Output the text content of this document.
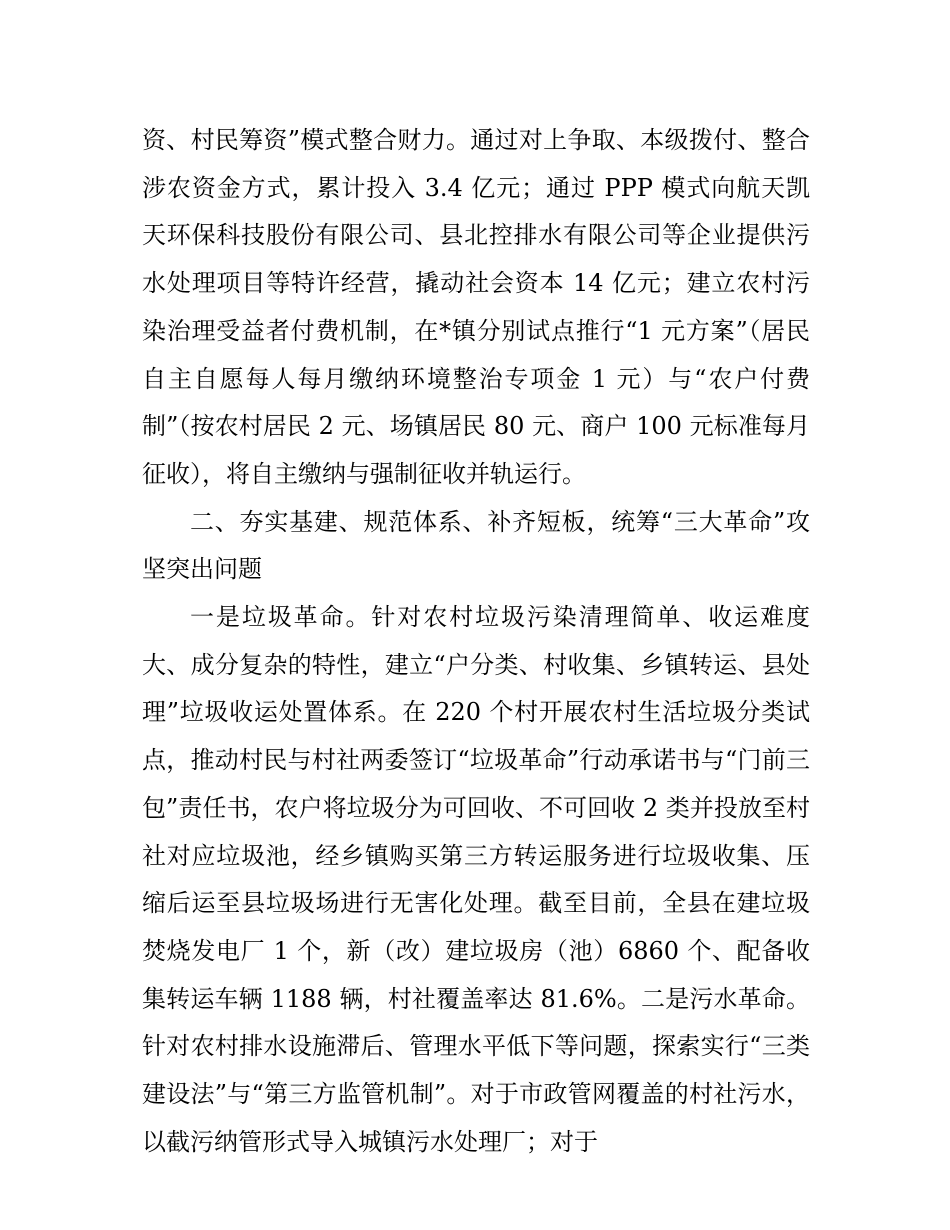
资、村民筹资”模式整合财力。通过对上争取、本级拨付、整合涉农资金方式，累计投入 3.4 亿元；通过 PPP 模式向航天凯天环保科技股份有限公司、县北控排水有限公司等企业提供污水处理项目等特许经营，撬动社会资本 14 亿元；建立农村污染治理受益者付费机制，在*镇分别试点推行“1 元方案”（居民自主自愿每人每月缴纳环境整治专项金 1 元）与“农户付费制”（按农村居民 2 元、场镇居民 80 元、商户 100 元标准每月征收），将自主缴纳与强制征收并轨运行。

二、夯实基建、规范体系、补齐短板，统筹“三大革命”攻坚突出问题

一是垃圾革命。针对农村垃圾污染清理简单、收运难度大、成分复杂的特性，建立“户分类、村收集、乡镇转运、县处理”垃圾收运处置体系。在 220 个村开展农村生活垃圾分类试点，推动村民与村社两委签订“垃圾革命”行动承诺书与“门前三包”责任书，农户将垃圾分为可回收、不可回收 2 类并投放至村社对应垃圾池，经乡镇购买第三方转运服务进行垃圾收集、压缩后运至县垃圾场进行无害化处理。截至目前，全县在建垃圾焚烧发电厂 1 个，新（改）建垃圾房（池）6860 个、配备收集转运车辆 1188 辆，村社覆盖率达 81.6%。二是污水革命。针对农村排水设施滞后、管理水平低下等问题，探索实行“三类建设法”与“第三方监管机制”。对于市政管网覆盖的村社污水，以截污纳管形式导入城镇污水处理厂；对于
